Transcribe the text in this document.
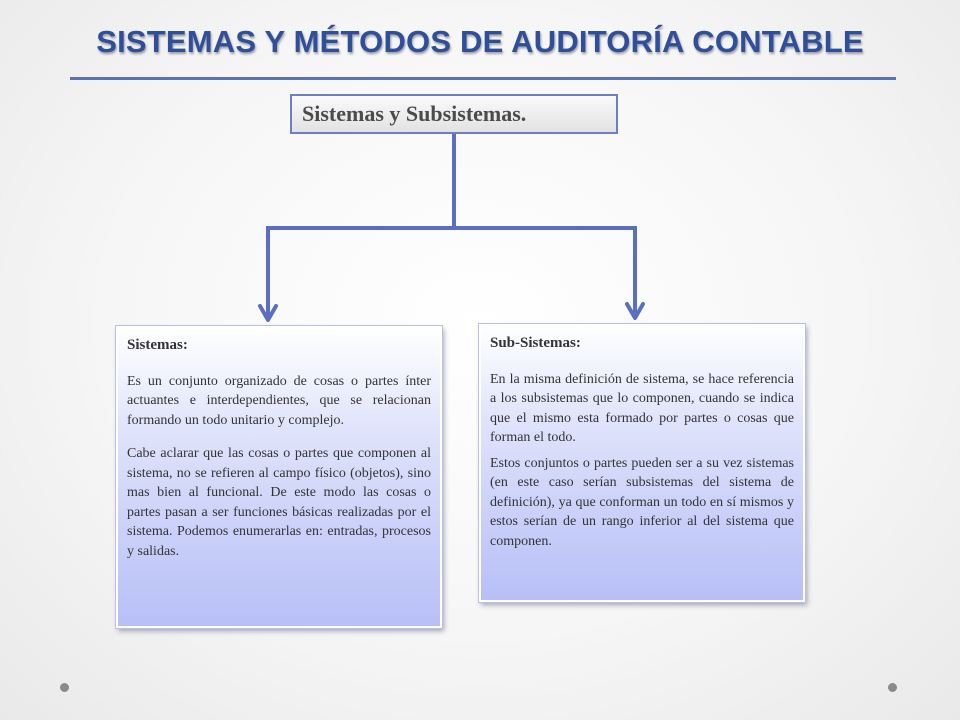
SISTEMAS Y MÉTODOS DE AUDITORÍA CONTABLE
Sistemas y Subsistemas.
Sistemas:

Es un conjunto organizado de cosas o partes ínter actuantes e interdependientes, que se relacionan formando un todo unitario y complejo.

Cabe aclarar que las cosas o partes que componen al sistema, no se refieren al campo físico (objetos), sino mas bien al funcional. De este modo las cosas o partes pasan a ser funciones básicas realizadas por el sistema. Podemos enumerarlas en: entradas, procesos y salidas.

Sub-Sistemas:

En la misma definición de sistema, se hace referencia a los subsistemas que lo componen, cuando se indica que el mismo esta formado por partes o cosas que forman el todo.

Estos conjuntos o partes pueden ser a su vez sistemas (en este caso serían subsistemas del sistema de definición), ya que conforman un todo en sí mismos y estos serían de un rango inferior al del sistema que componen.
